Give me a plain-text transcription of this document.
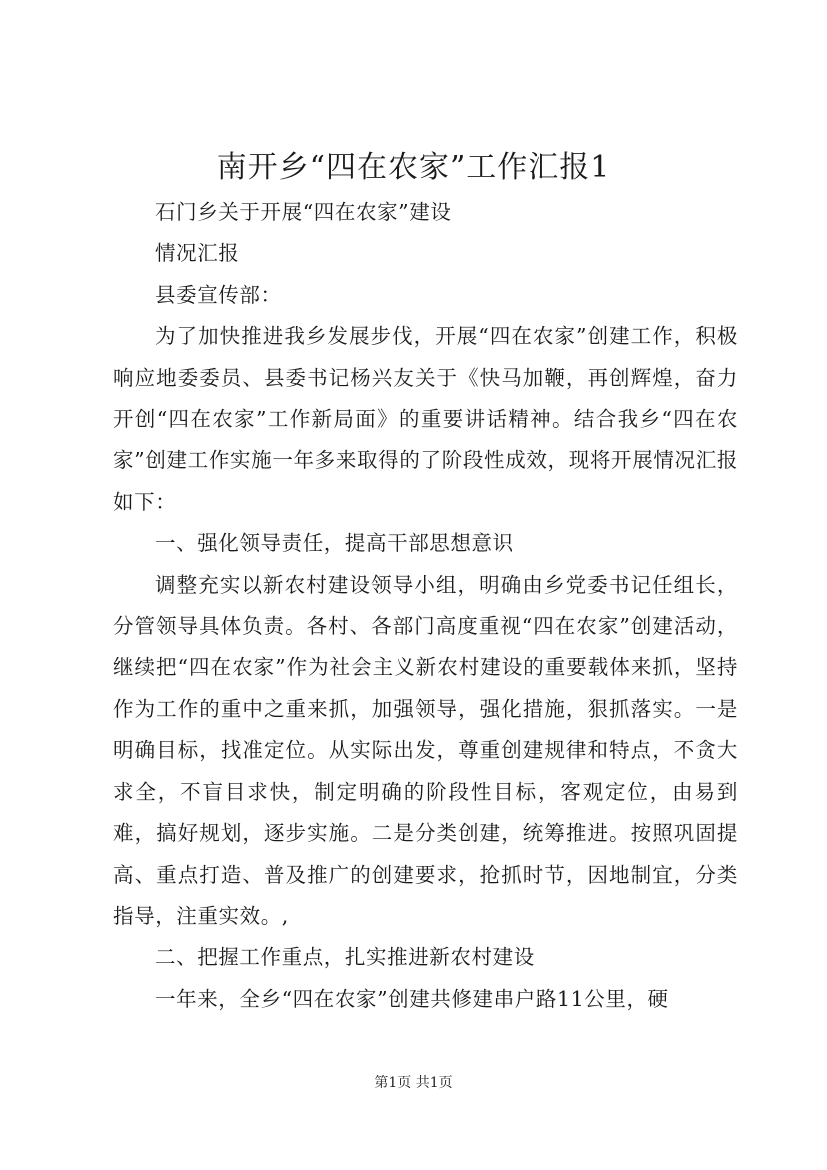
南开乡“四在农家”工作汇报1

石门乡关于开展“四在农家”建设

情况汇报

县委宣传部：

为了加快推进我乡发展步伐，开展“四在农家”创建工作，积极响应地委委员、县委书记杨兴友关于《快马加鞭，再创辉煌，奋力开创“四在农家”工作新局面》的重要讲话精神。结合我乡“四在农家”创建工作实施一年多来取得的了阶段性成效，现将开展情况汇报如下：

一、强化领导责任，提高干部思想意识

调整充实以新农村建设领导小组，明确由乡党委书记任组长，分管领导具体负责。各村、各部门高度重视“四在农家”创建活动，继续把“四在农家”作为社会主义新农村建设的重要载体来抓，坚持作为工作的重中之重来抓，加强领导，强化措施，狠抓落实。一是明确目标，找准定位。从实际出发，尊重创建规律和特点，不贪大求全，不盲目求快，制定明确的阶段性目标，客观定位，由易到难，搞好规划，逐步实施。二是分类创建，统筹推进。按照巩固提高、重点打造、普及推广的创建要求，抢抓时节，因地制宜，分类指导，注重实效。,

二、把握工作重点，扎实推进新农村建设

一年来，全乡“四在农家”创建共修建串户路11公里，硬

第1页 共1页
